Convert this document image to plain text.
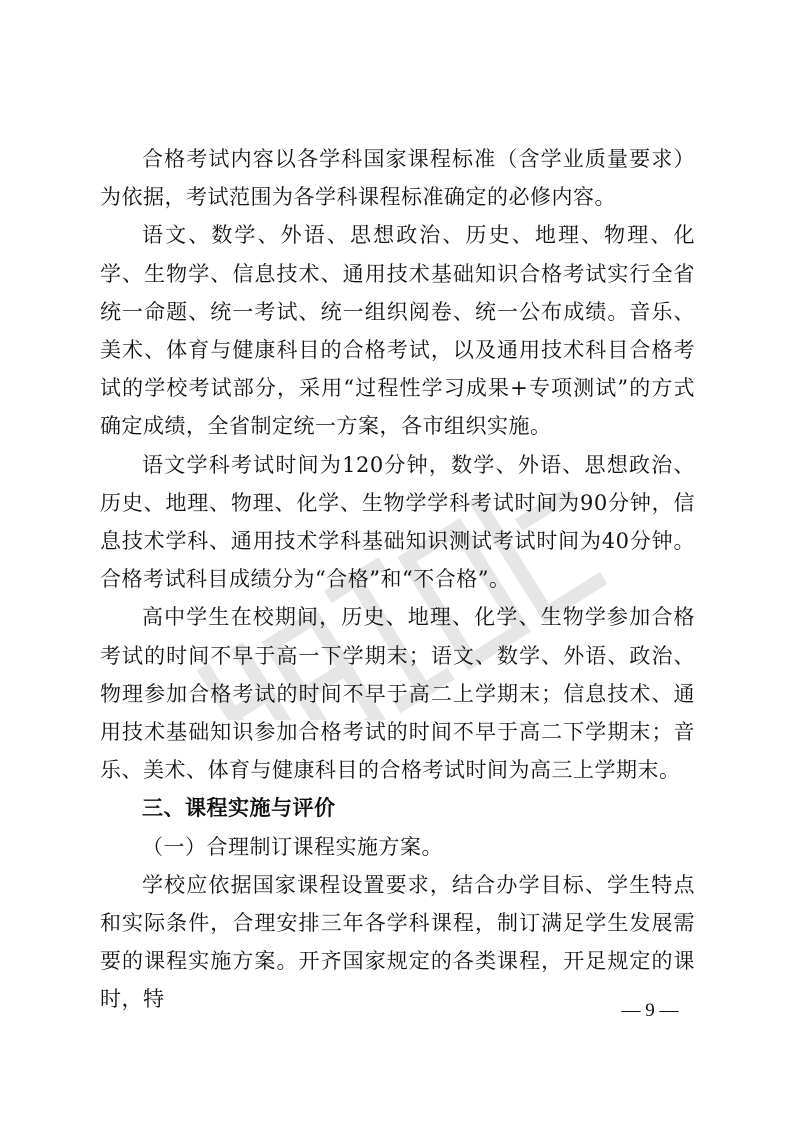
合格考试内容以各学科国家课程标准（含学业质量要求）为依据，考试范围为各学科课程标准确定的必修内容。

语文、数学、外语、思想政治、历史、地理、物理、化学、生物学、信息技术、通用技术基础知识合格考试实行全省统一命题、统一考试、统一组织阅卷、统一公布成绩。音乐、美术、体育与健康科目的合格考试，以及通用技术科目合格考试的学校考试部分，采用“过程性学习成果+专项测试”的方式确定成绩，全省制定统一方案，各市组织实施。

语文学科考试时间为120分钟，数学、外语、思想政治、历史、地理、物理、化学、生物学学科考试时间为90分钟，信息技术学科、通用技术学科基础知识测试考试时间为40分钟。合格考试科目成绩分为“合格”和“不合格”。

高中学生在校期间，历史、地理、化学、生物学参加合格考试的时间不早于高一下学期末；语文、数学、外语、政治、物理参加合格考试的时间不早于高二上学期末；信息技术、通用技术基础知识参加合格考试的时间不早于高二下学期末；音乐、美术、体育与健康科目的合格考试时间为高三上学期末。

三、课程实施与评价

（一）合理制订课程实施方案。

学校应依据国家课程设置要求，结合办学目标、学生特点和实际条件，合理安排三年各学科课程，制订满足学生发展需要的课程实施方案。开齐国家规定的各类课程，开足规定的课时，特	— 9 —
